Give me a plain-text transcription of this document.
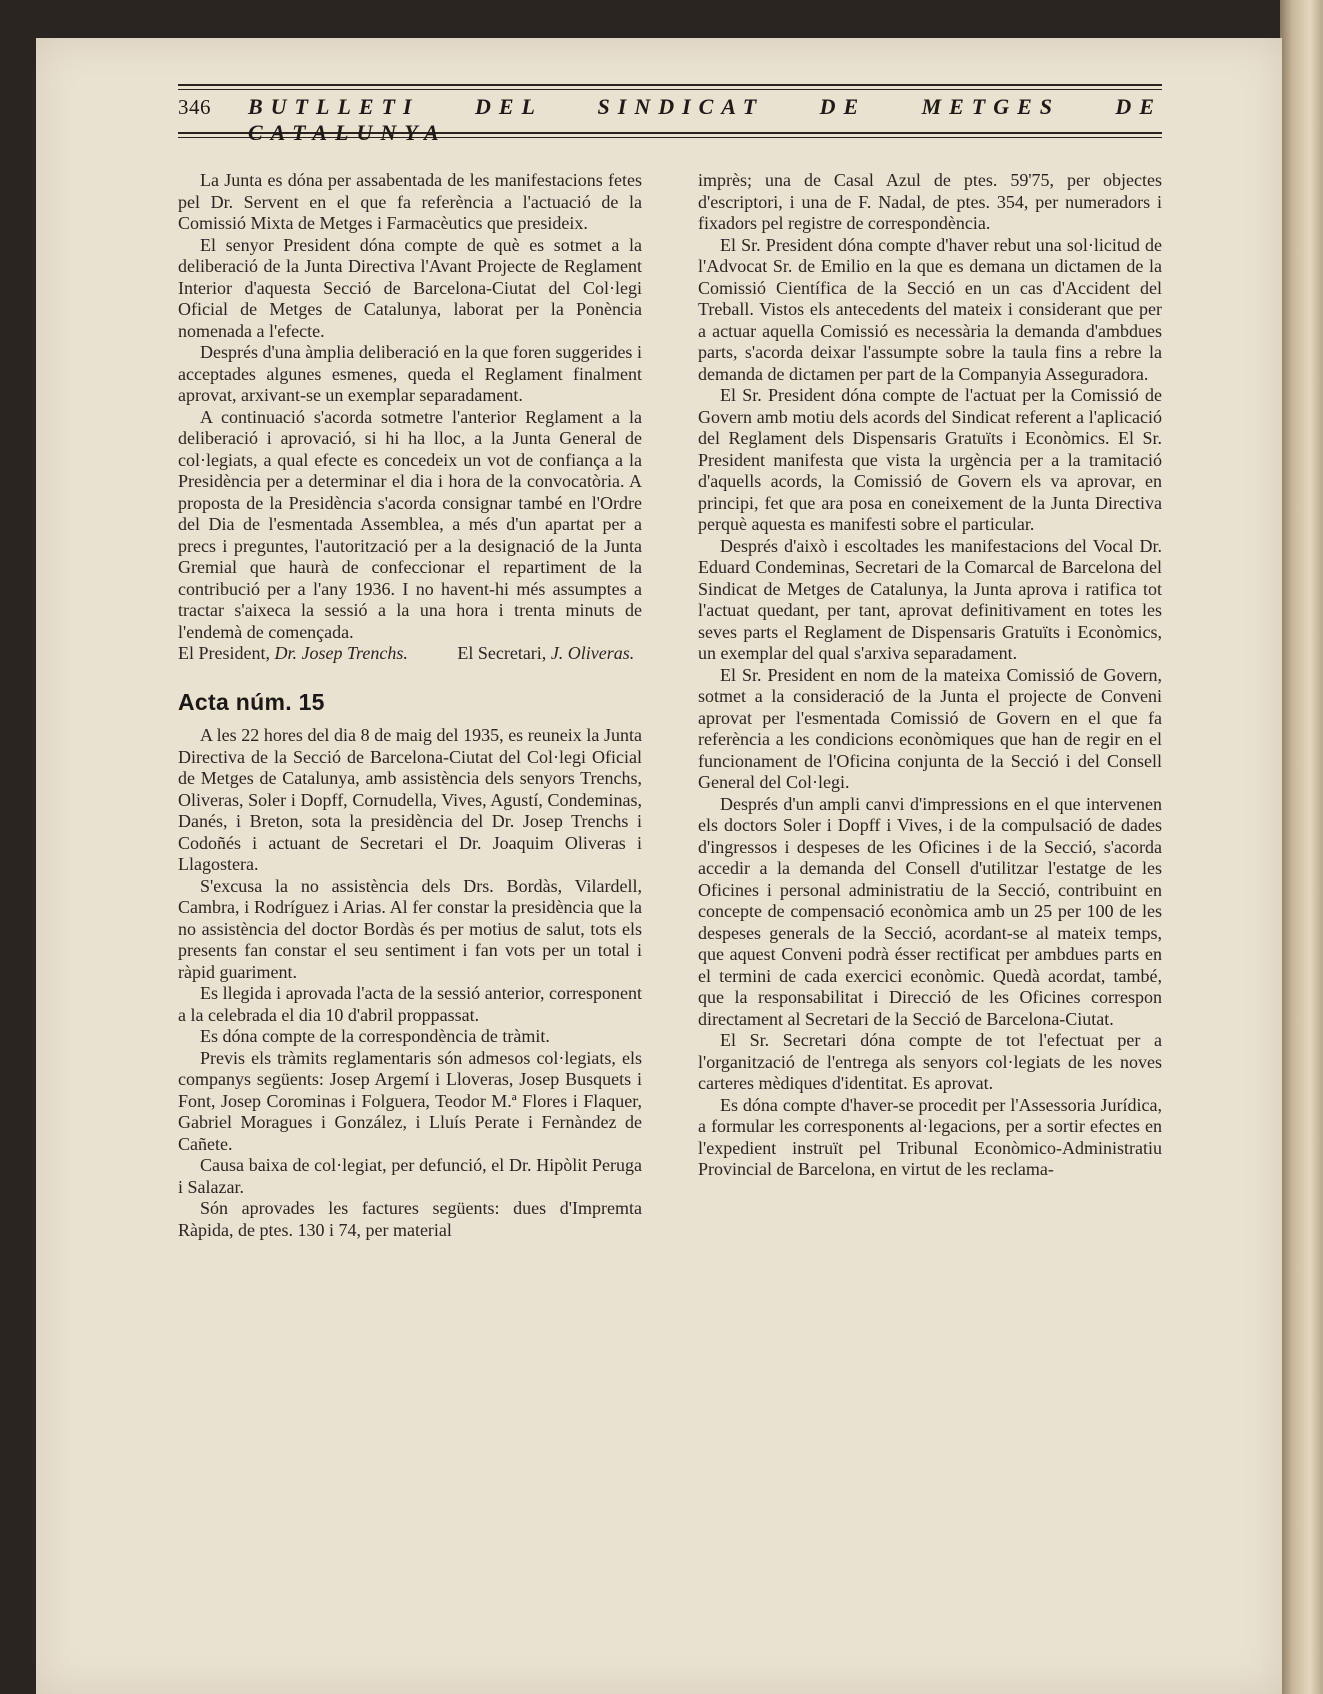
346	BUTLLETI DEL SINDICAT DE METGES DE CATALUNYA

La Junta es dóna per assabentada de les manifestacions fetes pel Dr. Servent en el que fa referència a l'actuació de la Comissió Mixta de Metges i Farmacèutics que presideix.

El senyor President dóna compte de què es sotmet a la deliberació de la Junta Directiva l'Avant Projecte de Reglament Interior d'aquesta Secció de Barcelona-Ciutat del Col·legi Oficial de Metges de Catalunya, laborat per la Ponència nomenada a l'efecte.

Després d'una àmplia deliberació en la que foren suggerides i acceptades algunes esmenes, queda el Reglament finalment aprovat, arxivant-se un exemplar separadament.

A continuació s'acorda sotmetre l'anterior Reglament a la deliberació i aprovació, si hi ha lloc, a la Junta General de col·legiats, a qual efecte es concedeix un vot de confiança a la Presidència per a determinar el dia i hora de la convocatòria. A proposta de la Presidència s'acorda consignar també en l'Ordre del Dia de l'esmentada Assemblea, a més d'un apartat per a precs i preguntes, l'autorització per a la designació de la Junta Gremial que haurà de confeccionar el repartiment de la contribució per a l'any 1936. I no havent-hi més assumptes a tractar s'aixeca la sessió a la una hora i trenta minuts de l'endemà de començada.

El President, Dr. Josep Trenchs.	El Secretari, J. Oliveras.

Acta núm. 15

A les 22 hores del dia 8 de maig del 1935, es reuneix la Junta Directiva de la Secció de Barcelona-Ciutat del Col·legi Oficial de Metges de Catalunya, amb assistència dels senyors Trenchs, Oliveras, Soler i Dopff, Cornudella, Vives, Agustí, Condeminas, Danés, i Breton, sota la presidència del Dr. Josep Trenchs i Codoñés i actuant de Secretari el Dr. Joaquim Oliveras i Llagostera.

S'excusa la no assistència dels Drs. Bordàs, Vilardell, Cambra, i Rodríguez i Arias. Al fer constar la presidència que la no assistència del doctor Bordàs és per motius de salut, tots els presents fan constar el seu sentiment i fan vots per un total i ràpid guariment.

Es llegida i aprovada l'acta de la sessió anterior, corresponent a la celebrada el dia 10 d'abril proppassat.

Es dóna compte de la correspondència de tràmit.

Previs els tràmits reglamentaris són admesos col·legiats, els companys següents: Josep Argemí i Lloveras, Josep Busquets i Font, Josep Corominas i Folguera, Teodor M.ª Flores i Flaquer, Gabriel Moragues i González, i Lluís Perate i Fernàndez de Cañete.

Causa baixa de col·legiat, per defunció, el Dr. Hipòlit Peruga i Salazar.

Són aprovades les factures següents: dues d'Impremta Ràpida, de ptes. 130 i 74, per material

imprès; una de Casal Azul de ptes. 59'75, per objectes d'escriptori, i una de F. Nadal, de ptes. 354, per numeradors i fixadors pel registre de correspondència.

El Sr. President dóna compte d'haver rebut una sol·licitud de l'Advocat Sr. de Emilio en la que es demana un dictamen de la Comissió Científica de la Secció en un cas d'Accident del Treball. Vistos els antecedents del mateix i considerant que per a actuar aquella Comissió es necessària la demanda d'ambdues parts, s'acorda deixar l'assumpte sobre la taula fins a rebre la demanda de dictamen per part de la Companyia Asseguradora.

El Sr. President dóna compte de l'actuat per la Comissió de Govern amb motiu dels acords del Sindicat referent a l'aplicació del Reglament dels Dispensaris Gratuïts i Econòmics. El Sr. President manifesta que vista la urgència per a la tramitació d'aquells acords, la Comissió de Govern els va aprovar, en principi, fet que ara posa en coneixement de la Junta Directiva perquè aquesta es manifesti sobre el particular.

Després d'això i escoltades les manifestacions del Vocal Dr. Eduard Condeminas, Secretari de la Comarcal de Barcelona del Sindicat de Metges de Catalunya, la Junta aprova i ratifica tot l'actuat quedant, per tant, aprovat definitivament en totes les seves parts el Reglament de Dispensaris Gratuïts i Econòmics, un exemplar del qual s'arxiva separadament.

El Sr. President en nom de la mateixa Comissió de Govern, sotmet a la consideració de la Junta el projecte de Conveni aprovat per l'esmentada Comissió de Govern en el que fa referència a les condicions econòmiques que han de regir en el funcionament de l'Oficina conjunta de la Secció i del Consell General del Col·legi.

Després d'un ampli canvi d'impressions en el que intervenen els doctors Soler i Dopff i Vives, i de la compulsació de dades d'ingressos i despeses de les Oficines i de la Secció, s'acorda accedir a la demanda del Consell d'utilitzar l'estatge de les Oficines i personal administratiu de la Secció, contribuint en concepte de compensació econòmica amb un 25 per 100 de les despeses generals de la Secció, acordant-se al mateix temps, que aquest Conveni podrà ésser rectificat per ambdues parts en el termini de cada exercici econòmic. Quedà acordat, també, que la responsabilitat i Direcció de les Oficines correspon directament al Secretari de la Secció de Barcelona-Ciutat.

El Sr. Secretari dóna compte de tot l'efectuat per a l'organització de l'entrega als senyors col·legiats de les noves carteres mèdiques d'identitat. Es aprovat.

Es dóna compte d'haver-se procedit per l'Assessoria Jurídica, a formular les corresponents al·legacions, per a sortir efectes en l'expedient instruït pel Tribunal Econòmico-Administratiu Provincial de Barcelona, en virtut de les reclama-
